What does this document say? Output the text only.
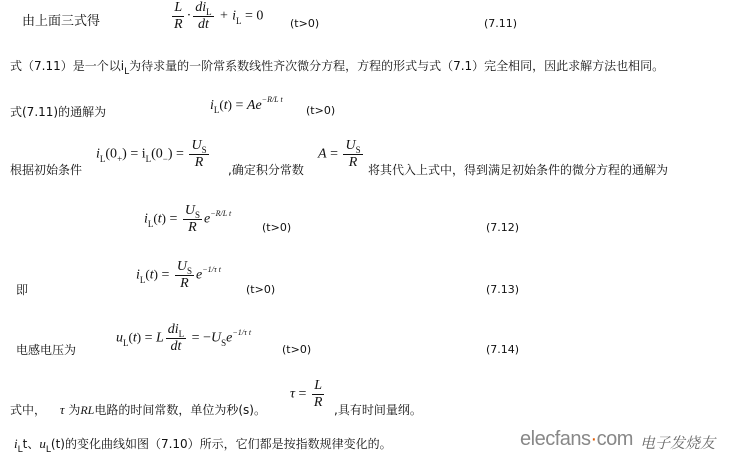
由上面三式得	$\frac{L}{R} \cdot \frac{di_L}{dt} + i_L = 0$ (t>0)	(7.11)
式（7.11）是一个以$i_L$为待求量的一阶常系数线性齐次微分方程，方程的形式与式（7.1）完全相同，因此求解方法也相同。
式(7.11)的通解为	$i_L(t) = Ae^{-R/L t}$
(t>0)
根据初始条件
$i_L(0_+) = i_L(0_-) = \frac{U_S}{R}$ ,确定积分常数
$A = \frac{U_S}{R}$ 将其代入上式中，得到满足初始条件的微分方程的通解为
$i_L(t) = \frac{U_S}{R} e^{-R/L t}$
(t>0)	(7.12)
即
$i_L(t) = \frac{U_S}{R} e^{-1/\tau t}$
(t>0)	(7.13)
电感电压为
$u_L(t) = L \frac{di_L}{dt} = -U_Se^{-1/\tau t}$
(t>0)	(7.14)
式中， τ 为RL电路的时间常数，单位为秒(s)。
$\tau = \frac{L}{R}$ ,具有时间量纲。
$i_Lt$、$u_L(t)$的变化曲线如图（7.10）所示，它们都是按指数规律变化的。	elecfans·com 电子发烧友
